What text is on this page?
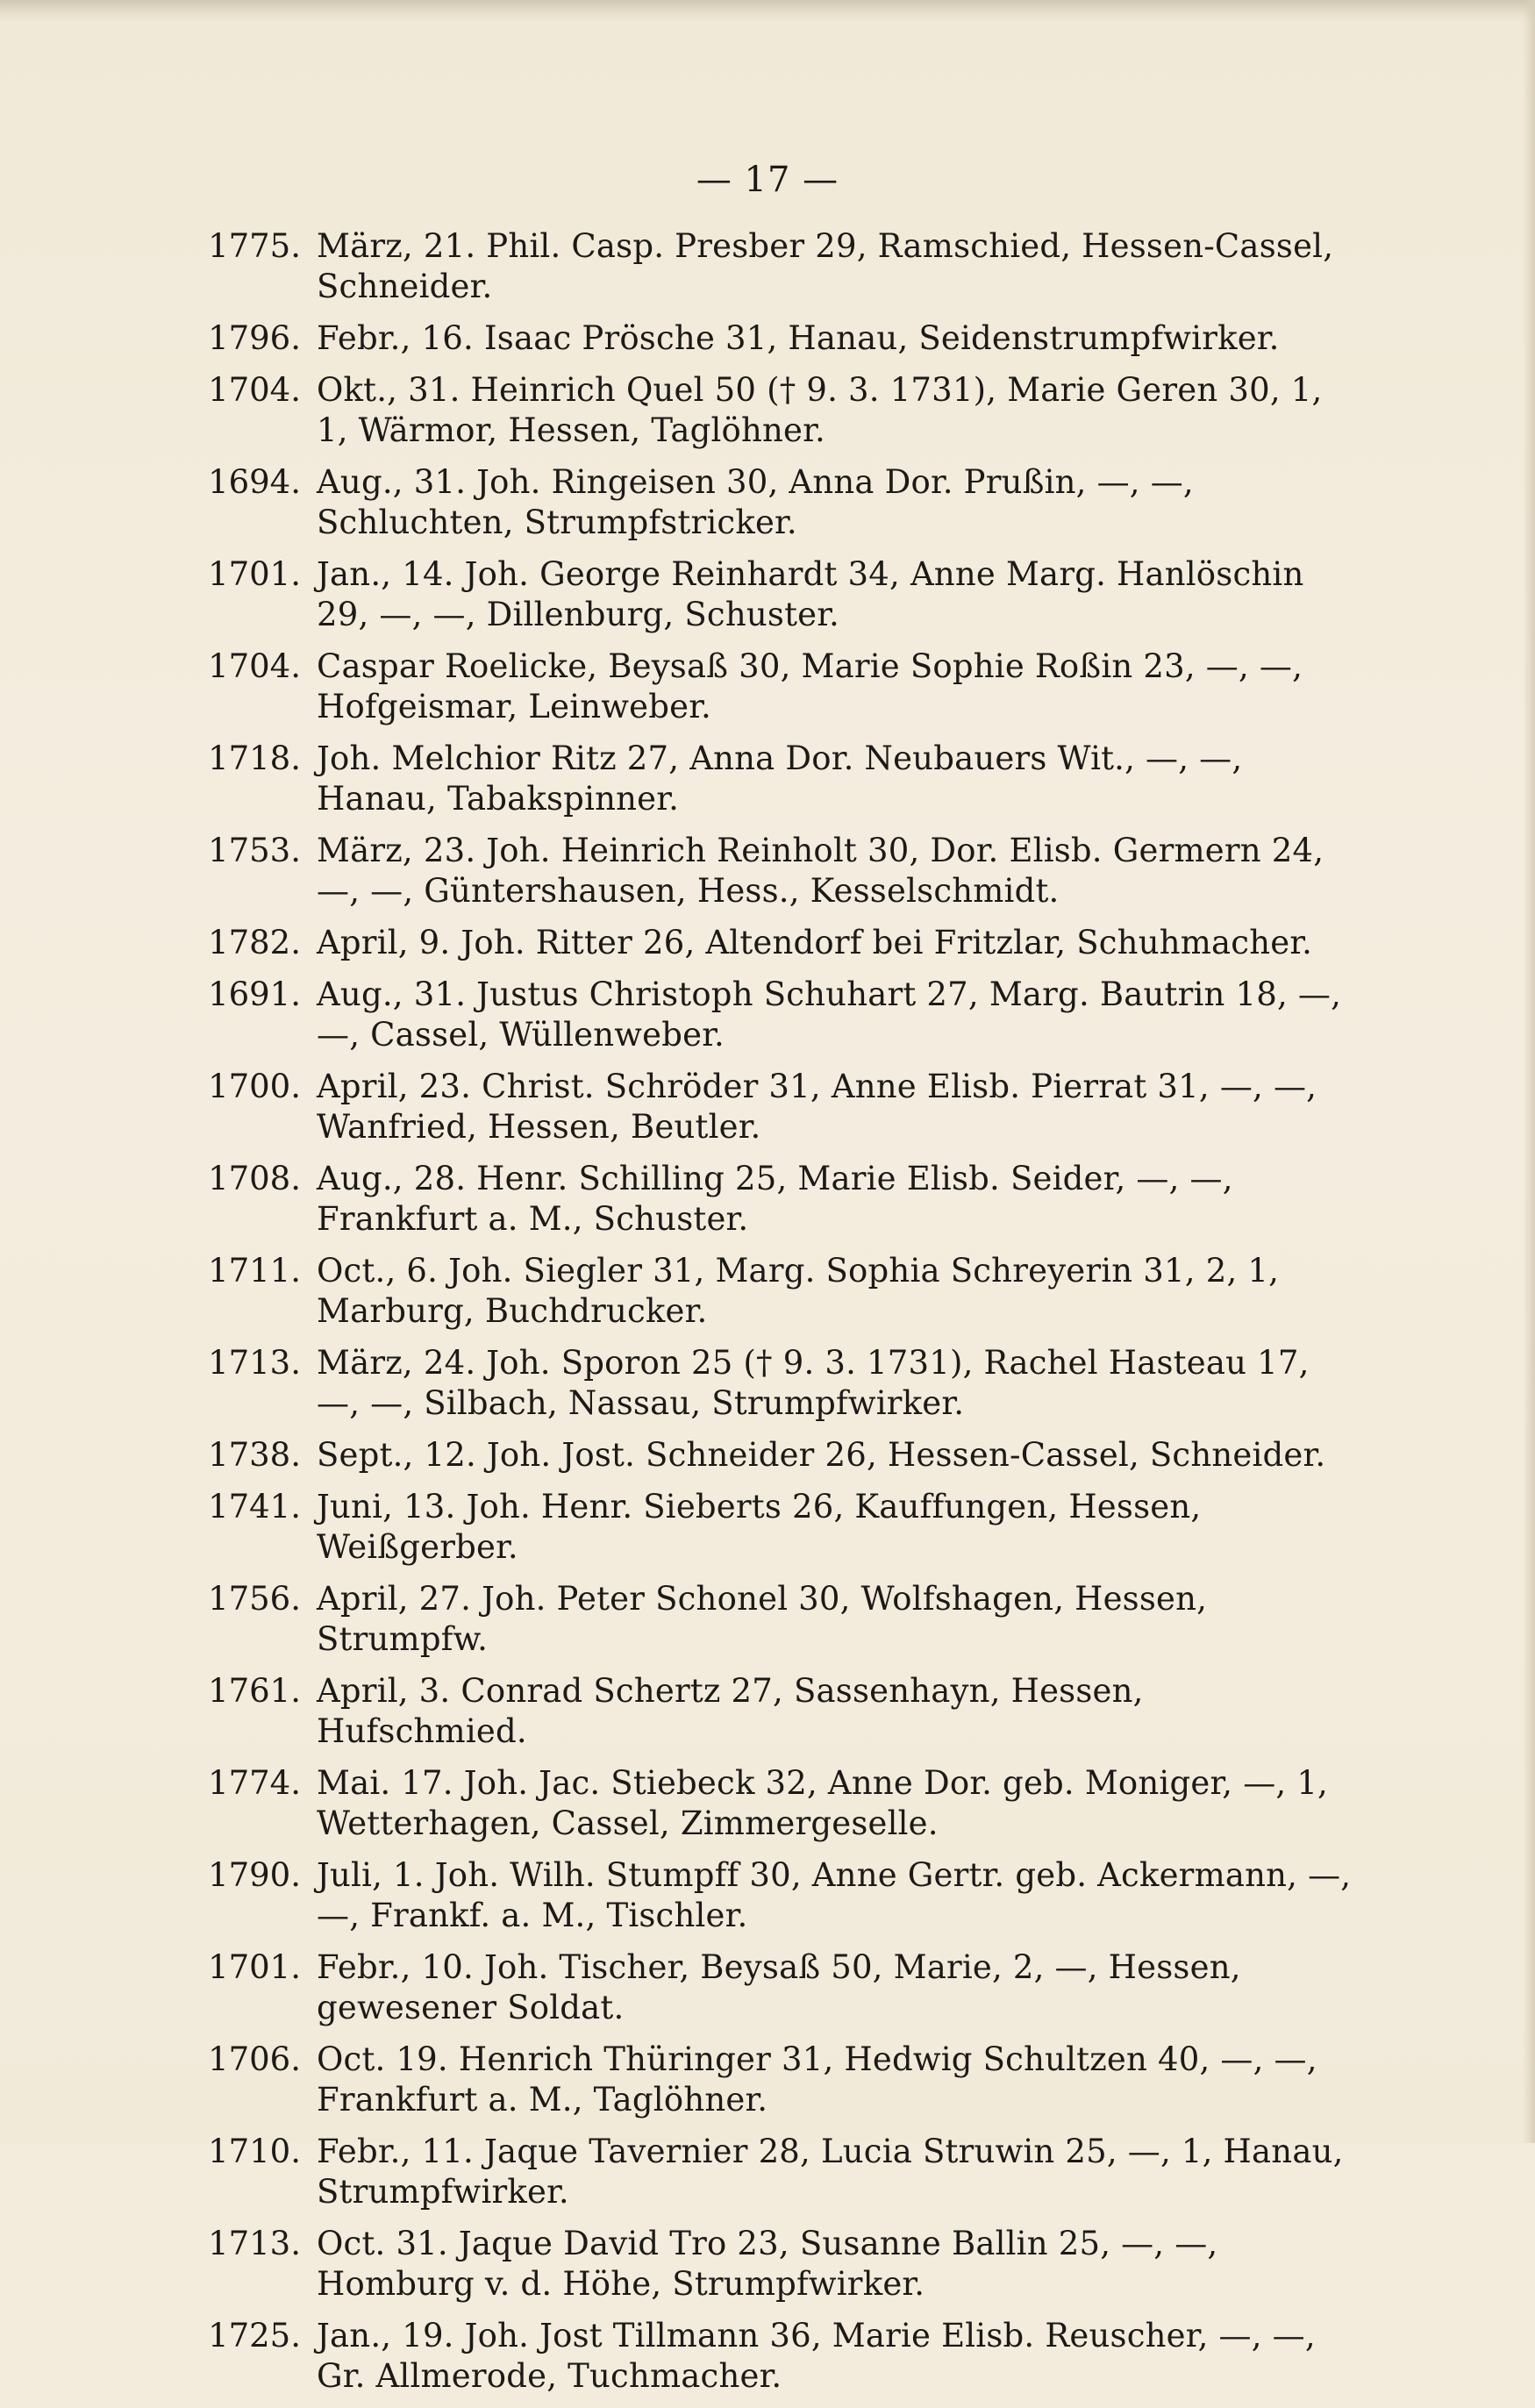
— 17 —
1775. März, 21. Phil. Casp. Presber 29, Ramschied, Hessen-Cassel, Schneider.
1796. Febr., 16. Isaac Prösche 31, Hanau, Seidenstrumpfwirker.
1704. Okt., 31. Heinrich Quel 50 († 9. 3. 1731), Marie Geren 30, 1, 1, Wärmor, Hessen, Taglöhner.
1694. Aug., 31. Joh. Ringeisen 30, Anna Dor. Prußin, —, —, Schluchten, Strumpfstricker.
1701. Jan., 14. Joh. George Reinhardt 34, Anne Marg. Hanlöschin 29, —, —, Dillenburg, Schuster.
1704. Caspar Roelicke, Beysaß 30, Marie Sophie Roßin 23, —, —, Hofgeismar, Leinweber.
1718. Joh. Melchior Ritz 27, Anna Dor. Neubauers Wit., —, —, Hanau, Tabakspinner.
1753. März, 23. Joh. Heinrich Reinholt 30, Dor. Elisb. Germern 24, —, —, Güntershausen, Hess., Kesselschmidt.
1782. April, 9. Joh. Ritter 26, Altendorf bei Fritzlar, Schuhmacher.
1691. Aug., 31. Justus Christoph Schuhart 27, Marg. Bautrin 18, —, —, Cassel, Wüllenweber.
1700. April, 23. Christ. Schröder 31, Anne Elisb. Pierrat 31, —, —, Wanfried, Hessen, Beutler.
1708. Aug., 28. Henr. Schilling 25, Marie Elisb. Seider, —, —, Frankfurt a. M., Schuster.
1711. Oct., 6. Joh. Siegler 31, Marg. Sophia Schreyerin 31, 2, 1, Marburg, Buchdrucker.
1713. März, 24. Joh. Sporon 25 († 9. 3. 1731), Rachel Hasteau 17, —, —, Silbach, Nassau, Strumpfwirker.
1738. Sept., 12. Joh. Jost. Schneider 26, Hessen-Cassel, Schneider.
1741. Juni, 13. Joh. Henr. Sieberts 26, Kauffungen, Hessen, Weißgerber.
1756. April, 27. Joh. Peter Schonel 30, Wolfshagen, Hessen, Strumpfw.
1761. April, 3. Conrad Schertz 27, Sassenhayn, Hessen, Hufschmied.
1774. Mai. 17. Joh. Jac. Stiebeck 32, Anne Dor. geb. Moniger, —, 1, Wetterhagen, Cassel, Zimmergeselle.
1790. Juli, 1. Joh. Wilh. Stumpff 30, Anne Gertr. geb. Ackermann, —, —, Frankf. a. M., Tischler.
1701. Febr., 10. Joh. Tischer, Beysaß 50, Marie, 2, —, Hessen, gewesener Soldat.
1706. Oct. 19. Henrich Thüringer 31, Hedwig Schultzen 40, —, —, Frankfurt a. M., Taglöhner.
1710. Febr., 11. Jaque Tavernier 28, Lucia Struwin 25, —, 1, Hanau, Strumpfwirker.
1713. Oct. 31. Jaque David Tro 23, Susanne Ballin 25, —, —, Homburg v. d. Höhe, Strumpfwirker.
1725. Jan., 19. Joh. Jost Tillmann 36, Marie Elisb. Reuscher, —, —, Gr. Allmerode, Tuchmacher.
